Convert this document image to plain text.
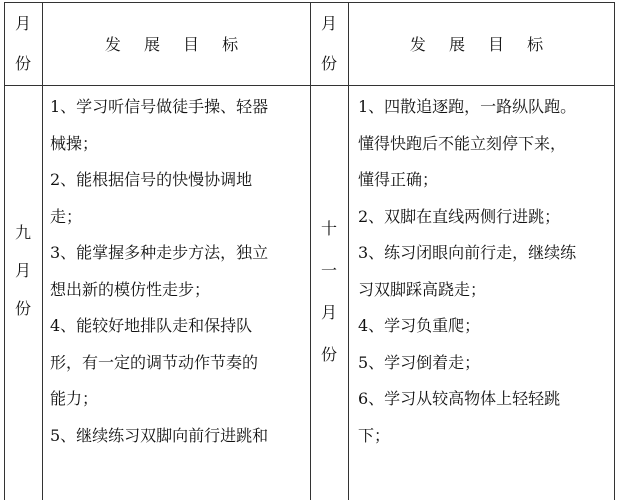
月
份
发 展 目 标
月
份
发 展 目 标
九
月
份
1、学习听信号做徒手操、轻器
械操；
2、能根据信号的快慢协调地
走；
3、能掌握多种走步方法，独立
想出新的模仿性走步；
4、能较好地排队走和保持队
形，有一定的调节动作节奏的
能力；
5、继续练习双脚向前行进跳和
十
一
月
份
1、四散追逐跑，一路纵队跑。
懂得快跑后不能立刻停下来，
懂得正确；
2、双脚在直线两侧行进跳；
3、练习闭眼向前行走，继续练
习双脚踩高跷走；
4、学习负重爬；
5、学习倒着走；
6、学习从较高物体上轻轻跳
下；
